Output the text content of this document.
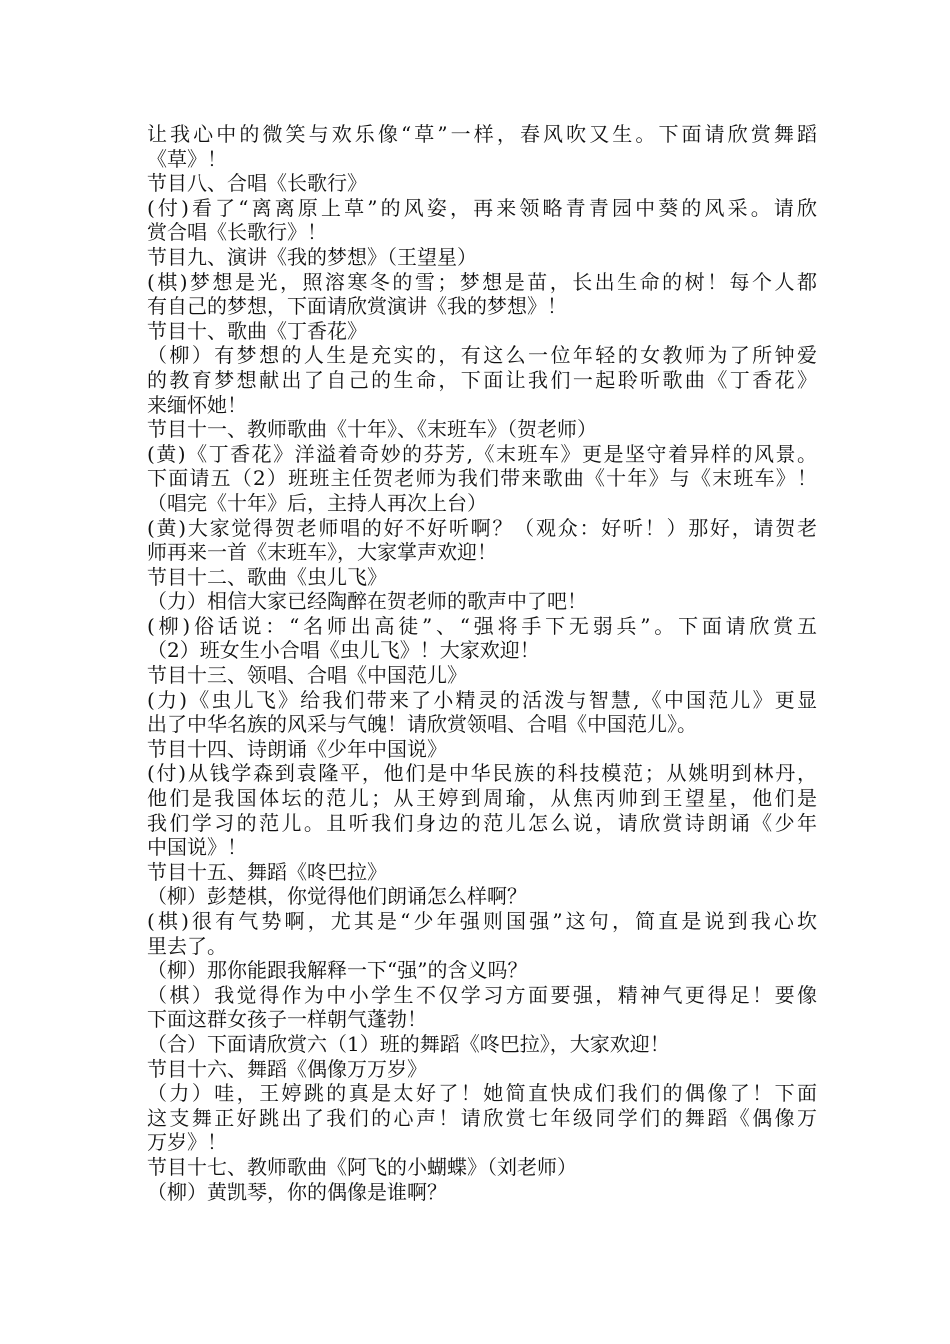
让我心中的微笑与欢乐像“草”一样，春风吹又生。下面请欣赏舞蹈
《草》！
节目八、合唱《长歌行》
(付)看了“离离原上草”的风姿，再来领略青青园中葵的风采。请欣
赏合唱《长歌行》！
节目九、演讲《我的梦想》（王望星）
(棋)梦想是光，照溶寒冬的雪；梦想是苗，长出生命的树！每个人都
有自己的梦想，下面请欣赏演讲《我的梦想》！
节目十、歌曲《丁香花》
（柳）有梦想的人生是充实的，有这么一位年轻的女教师为了所钟爱
的教育梦想献出了自己的生命，下面让我们一起聆听歌曲《丁香花》
来缅怀她！
节目十一、教师歌曲《十年》、《末班车》（贺老师）
(黄)《丁香花》洋溢着奇妙的芬芳,《末班车》更是坚守着异样的风景。
下面请五（2）班班主任贺老师为我们带来歌曲《十年》与《末班车》！
（唱完《十年》后，主持人再次上台）
(黄)大家觉得贺老师唱的好不好听啊？（观众：好听！）那好，请贺老
师再来一首《末班车》，大家掌声欢迎！
节目十二、歌曲《虫儿飞》
（力）相信大家已经陶醉在贺老师的歌声中了吧！
(柳)俗话说：“名师出高徒”、“强将手下无弱兵”。下面请欣赏五
（2）班女生小合唱《虫儿飞》！大家欢迎！
节目十三、领唱、合唱《中国范儿》
(力)《虫儿飞》给我们带来了小精灵的活泼与智慧,《中国范儿》更显
出了中华名族的风采与气魄！请欣赏领唱、合唱《中国范儿》。
节目十四、诗朗诵《少年中国说》
(付)从钱学森到袁隆平，他们是中华民族的科技模范；从姚明到林丹，
他们是我国体坛的范儿；从王婷到周瑜，从焦丙帅到王望星，他们是
我们学习的范儿。且听我们身边的范儿怎么说，请欣赏诗朗诵《少年
中国说》！
节目十五、舞蹈《咚巴拉》
（柳）彭楚棋，你觉得他们朗诵怎么样啊？
(棋)很有气势啊，尤其是“少年强则国强”这句，简直是说到我心坎
里去了。
（柳）那你能跟我解释一下“强”的含义吗？
（棋）我觉得作为中小学生不仅学习方面要强，精神气更得足！要像
下面这群女孩子一样朝气蓬勃！
（合）下面请欣赏六（1）班的舞蹈《咚巴拉》，大家欢迎！
节目十六、舞蹈《偶像万万岁》
（力）哇，王婷跳的真是太好了！她简直快成们我们的偶像了！下面
这支舞正好跳出了我们的心声！请欣赏七年级同学们的舞蹈《偶像万
万岁》！
节目十七、教师歌曲《阿飞的小蝴蝶》（刘老师）
（柳）黄凯琴，你的偶像是谁啊？
